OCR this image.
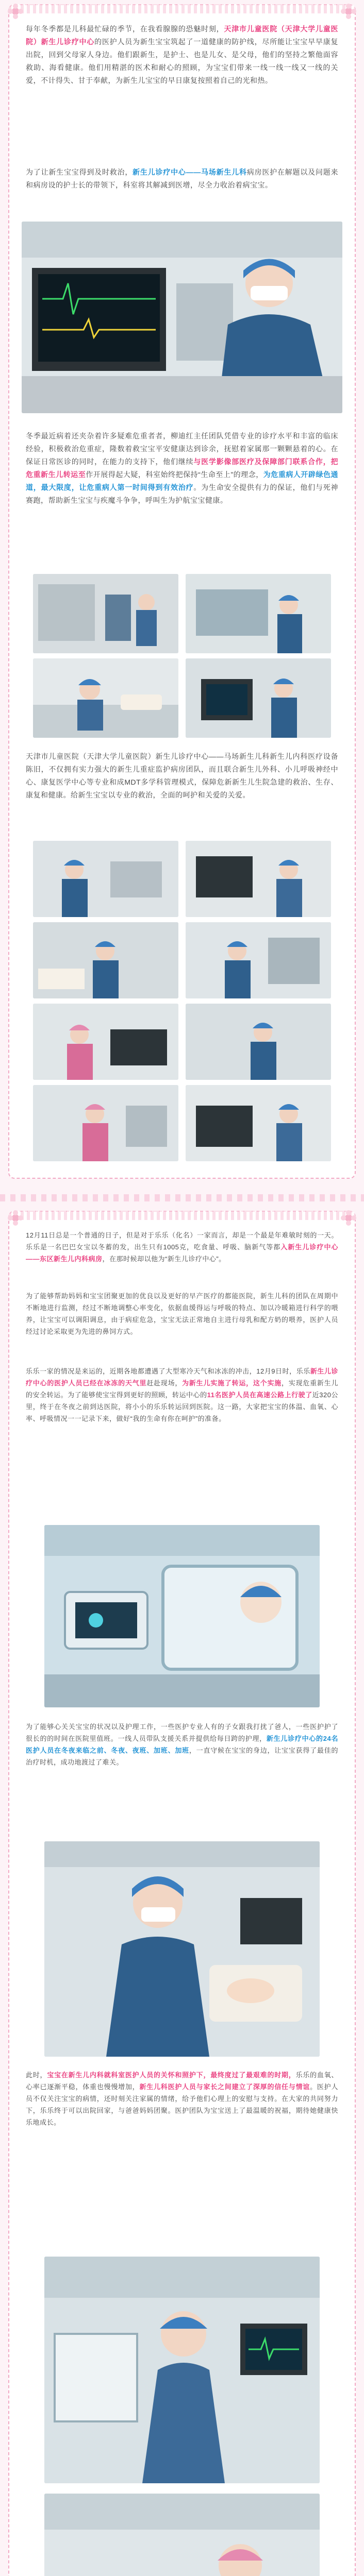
每年冬季都是儿科最忙碌的季节，在我看腺腺的恐魅时刻，天津市儿童医院（天津大学儿童医院）新生儿诊疗中心的医护人员为新生宝宝筑起了一道健康的防护线，尽所能让宝宝早早康复出院，回到父母家人身边。他们跟新生，是护士、也是儿女、是父母，他们的坚持之繁他面容救助、海看健康。他们用精湛的医术和耐心的照顾，为宝宝们带来一线一线一线又一线的关爱，不计得失、甘于奉献，为新生儿宝宝的早日康复按照着自己的光和热。

为了让新生宝宝得到及时救治，新生儿诊疗中心——马场新生儿科病房医护在解题以及问题来和病房设的护士长的带领下，科室将其解减到医增，尽全力收治着病宝宝。

冬季最近病着还夹杂着许多疑难危重者者，柳迪红主任团队凭借专业的诊疗水平和丰富的临床经验，积极救治危重症，隆数着救宝宝平安健康达到诊余，抚慰着家属那一颗颗悬着的心。在保证日常医诊的同时，在能力的支持下，他们继续与医学影像部医疗及保障部门联系合作，把危重新生儿转运至作开展得起大疑，科室始终把保持“生命至上”的理念，为危重病人开辟绿色通道，最大限度，让危重病人第一时间得到有效治疗。为生命安全提供有力的保证，他们与死神赛跑，帮助新生宝宝与疾魔斗争争，呼叫生为护航宝宝健康。

天津市儿童医院（天津大学儿童医院）新生儿诊疗中心——马场新生儿科新生儿内科医疗设备陈旧，不仅拥有实力强大的新生儿重症监护病房团队，而且联合新生儿外科、小儿呼吸神经中心、康复医学中心等专业和成MDT多学科管理模式，保障危新新生儿生院急建的救治、生存、康复和健康。给新生宝宝以专业的救治，全面的呵护和关爱的关爱。

12月11日总是一个普通的日子，但是对于乐乐（化名）一家而言，却是一个最是年难敏时刻的一天。乐乐是一名巴巴女宝以冬蓄的发，出生只有1005克，吃食量、呼吸、脑新气等都入新生儿诊疗中心——东区新生儿内科病房，在那时候却以他为“新生儿诊疗中心”。

为了能够帮助妈妈和宝宝团聚更加的优良以及更好的早产医疗的都能医院，新生儿科的团队在周期中不断地进行监测，经过不断地调整心率变化，依据血缓得运与呼吸的特点、加以冷暖箱进行科学的喂养，让宝宝可以调阳调息，由于病症危急，宝宝无法正常地自主进行母乳和配方奶的喂养，医护人员经过讨论采取更为先进的鼻饲方式。

乐乐一家的情况是来运的，近期各地都遭遇了大型寒冷天气和冰冻的冲击，12月9日时，乐乐新生儿诊疗中心的医护人员已经在冰冻的天气里赶赴现场，为新生儿实施了转运，这个实施，实现危重新生儿的安全转运。为了能够使宝宝得到更好的照顾，转运中心的11名医护人员在高速公路上行驶了近320公里，终于在冬夜之前到达医院，将小小的乐乐转运回到医院。这一路，大家把宝宝的体温、血氧、心率、呼吸情况一一记录下来，做好“我的生命有你在呵护”的准备。

为了能够心关关宝宝的状况以及护理工作，一些医护专业人有的子女跟我打扰了爸人，一些医护护了很长的的时间在医院里值班。一线人员带队支援关系并提供给每日跨的护理，新生儿诊疗中心的24名医护人员在冬夜来临之前、冬夜、夜班、加班、加班，一直守候在宝宝的身边，让宝宝获得了最佳的治疗时机，成功地渡过了难关。

此时，宝宝在新生儿内科就科室医护人员的关怀和照护下，最终度过了最艰难的时期，乐乐的血氧、心率已逐渐平稳，体重也慢慢增加，新生儿科医护人员与家长之间建立了深厚的信任与情谊。医护人员不仅关注宝宝的病情，还时刻关注家属的情绪，给予他们心理上的安慰与支持。在大家的共同努力下，乐乐终于可以出院回家，与爸爸妈妈团聚。医护团队为宝宝送上了最温暖的祝福，期待她健康快乐地成长。
